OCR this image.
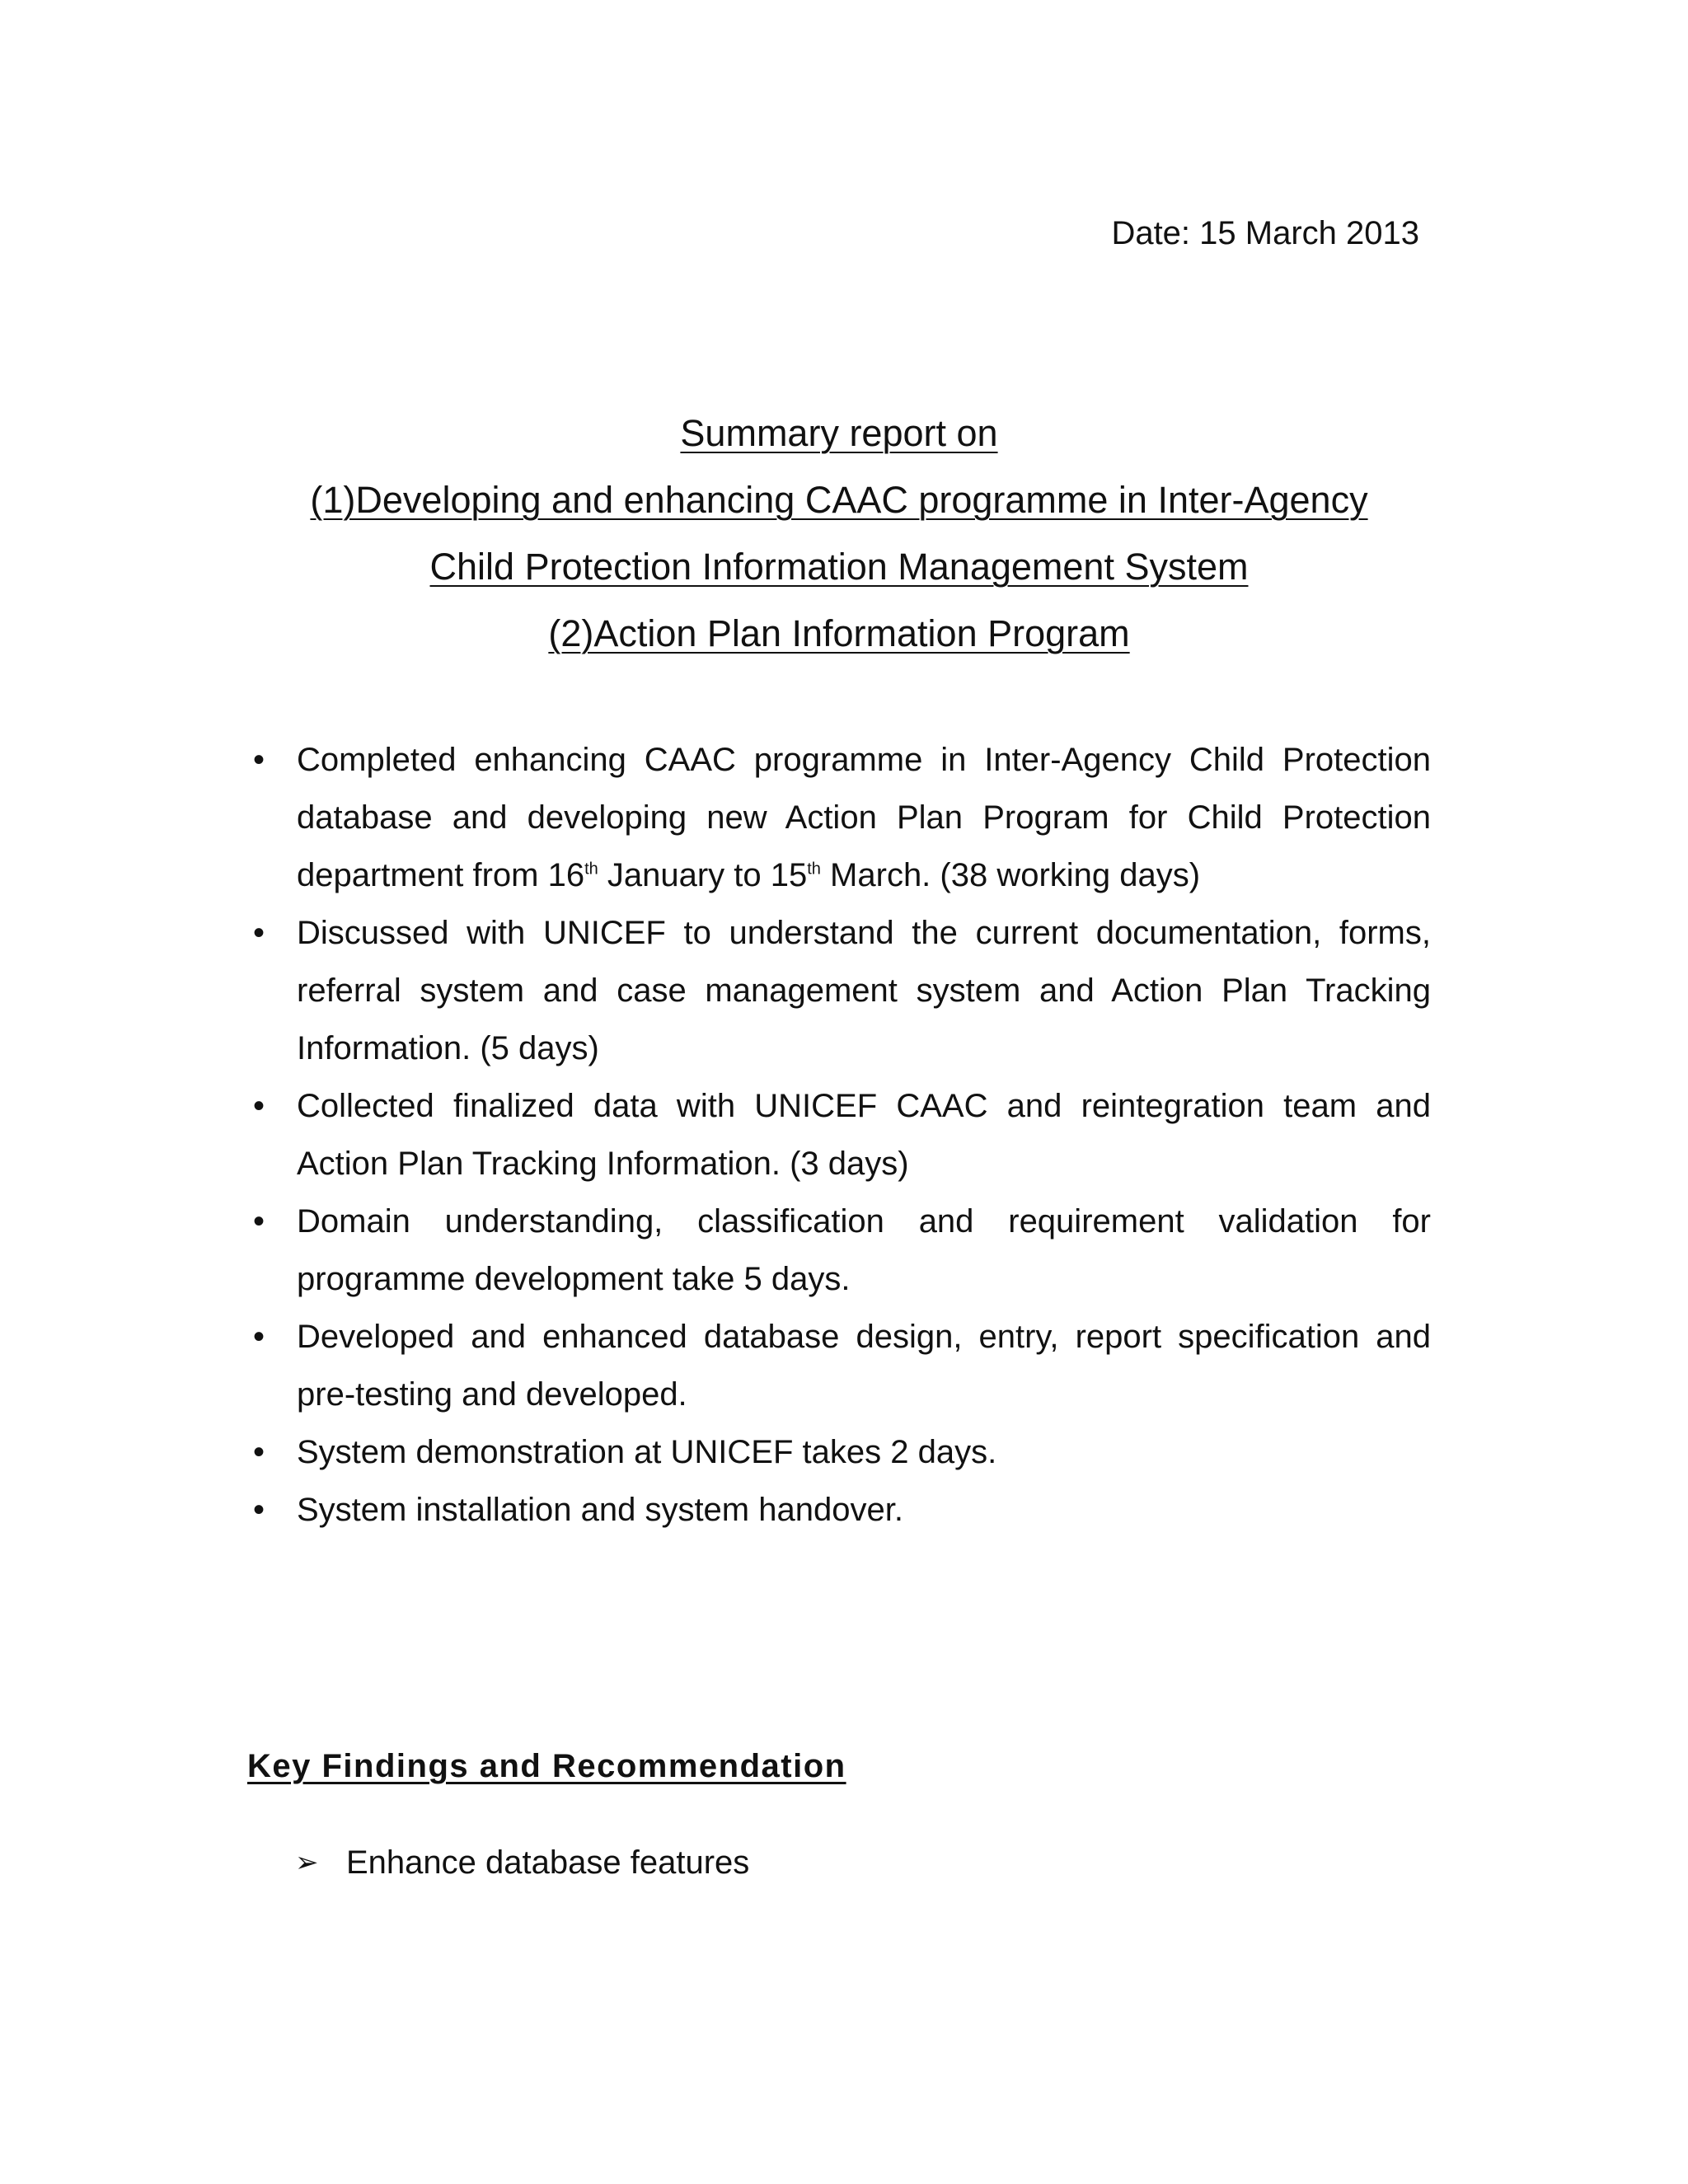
Date: 15 March 2013
Summary report on
(1)Developing and enhancing CAAC programme in Inter-Agency
Child Protection Information Management System
(2)Action Plan Information Program
• Completed enhancing CAAC programme in Inter-Agency Child Protection database and developing new Action Plan Program for Child Protection department from 16th January to 15th March. (38 working days)
• Discussed with UNICEF to understand the current documentation, forms, referral system and case management system and Action Plan Tracking Information. (5 days)
• Collected finalized data with UNICEF CAAC and reintegration team and Action Plan Tracking Information. (3 days)
• Domain understanding, classification and requirement validation for programme development take 5 days.
• Developed and enhanced database design, entry, report specification and pre-testing and developed.
• System demonstration at UNICEF takes 2 days.
• System installation and system handover.
Key Findings and Recommendation
➢ Enhance database features
